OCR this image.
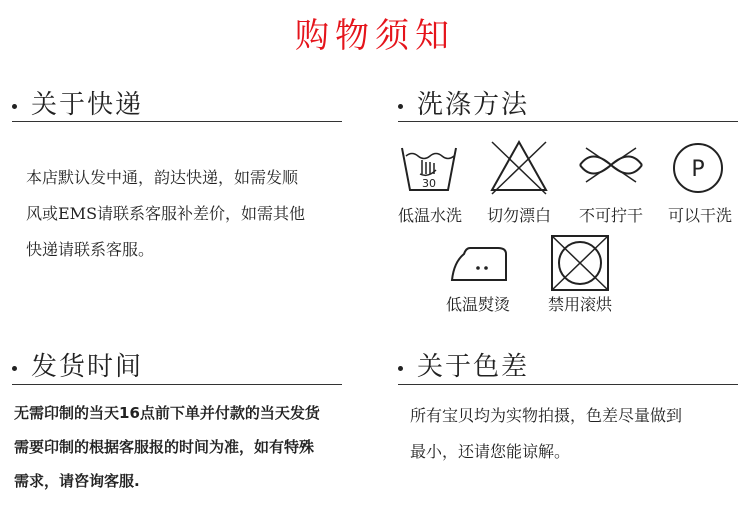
购物须知
关于快递
本店默认发中通，韵达快递，如需发顺
风或EMS请联系客服补差价，如需其他
快递请联系客服。
洗涤方法
30
低温水洗	切勿漂白	不可拧干
P
可以干洗
低温熨烫	禁用滚烘
发货时间
无需印制的当天16点前下单并付款的当天发货
需要印制的根据客服报的时间为准，如有特殊
需求，请咨询客服.
关于色差
所有宝贝均为实物拍摄，色差尽量做到
最小，还请您能谅解。
